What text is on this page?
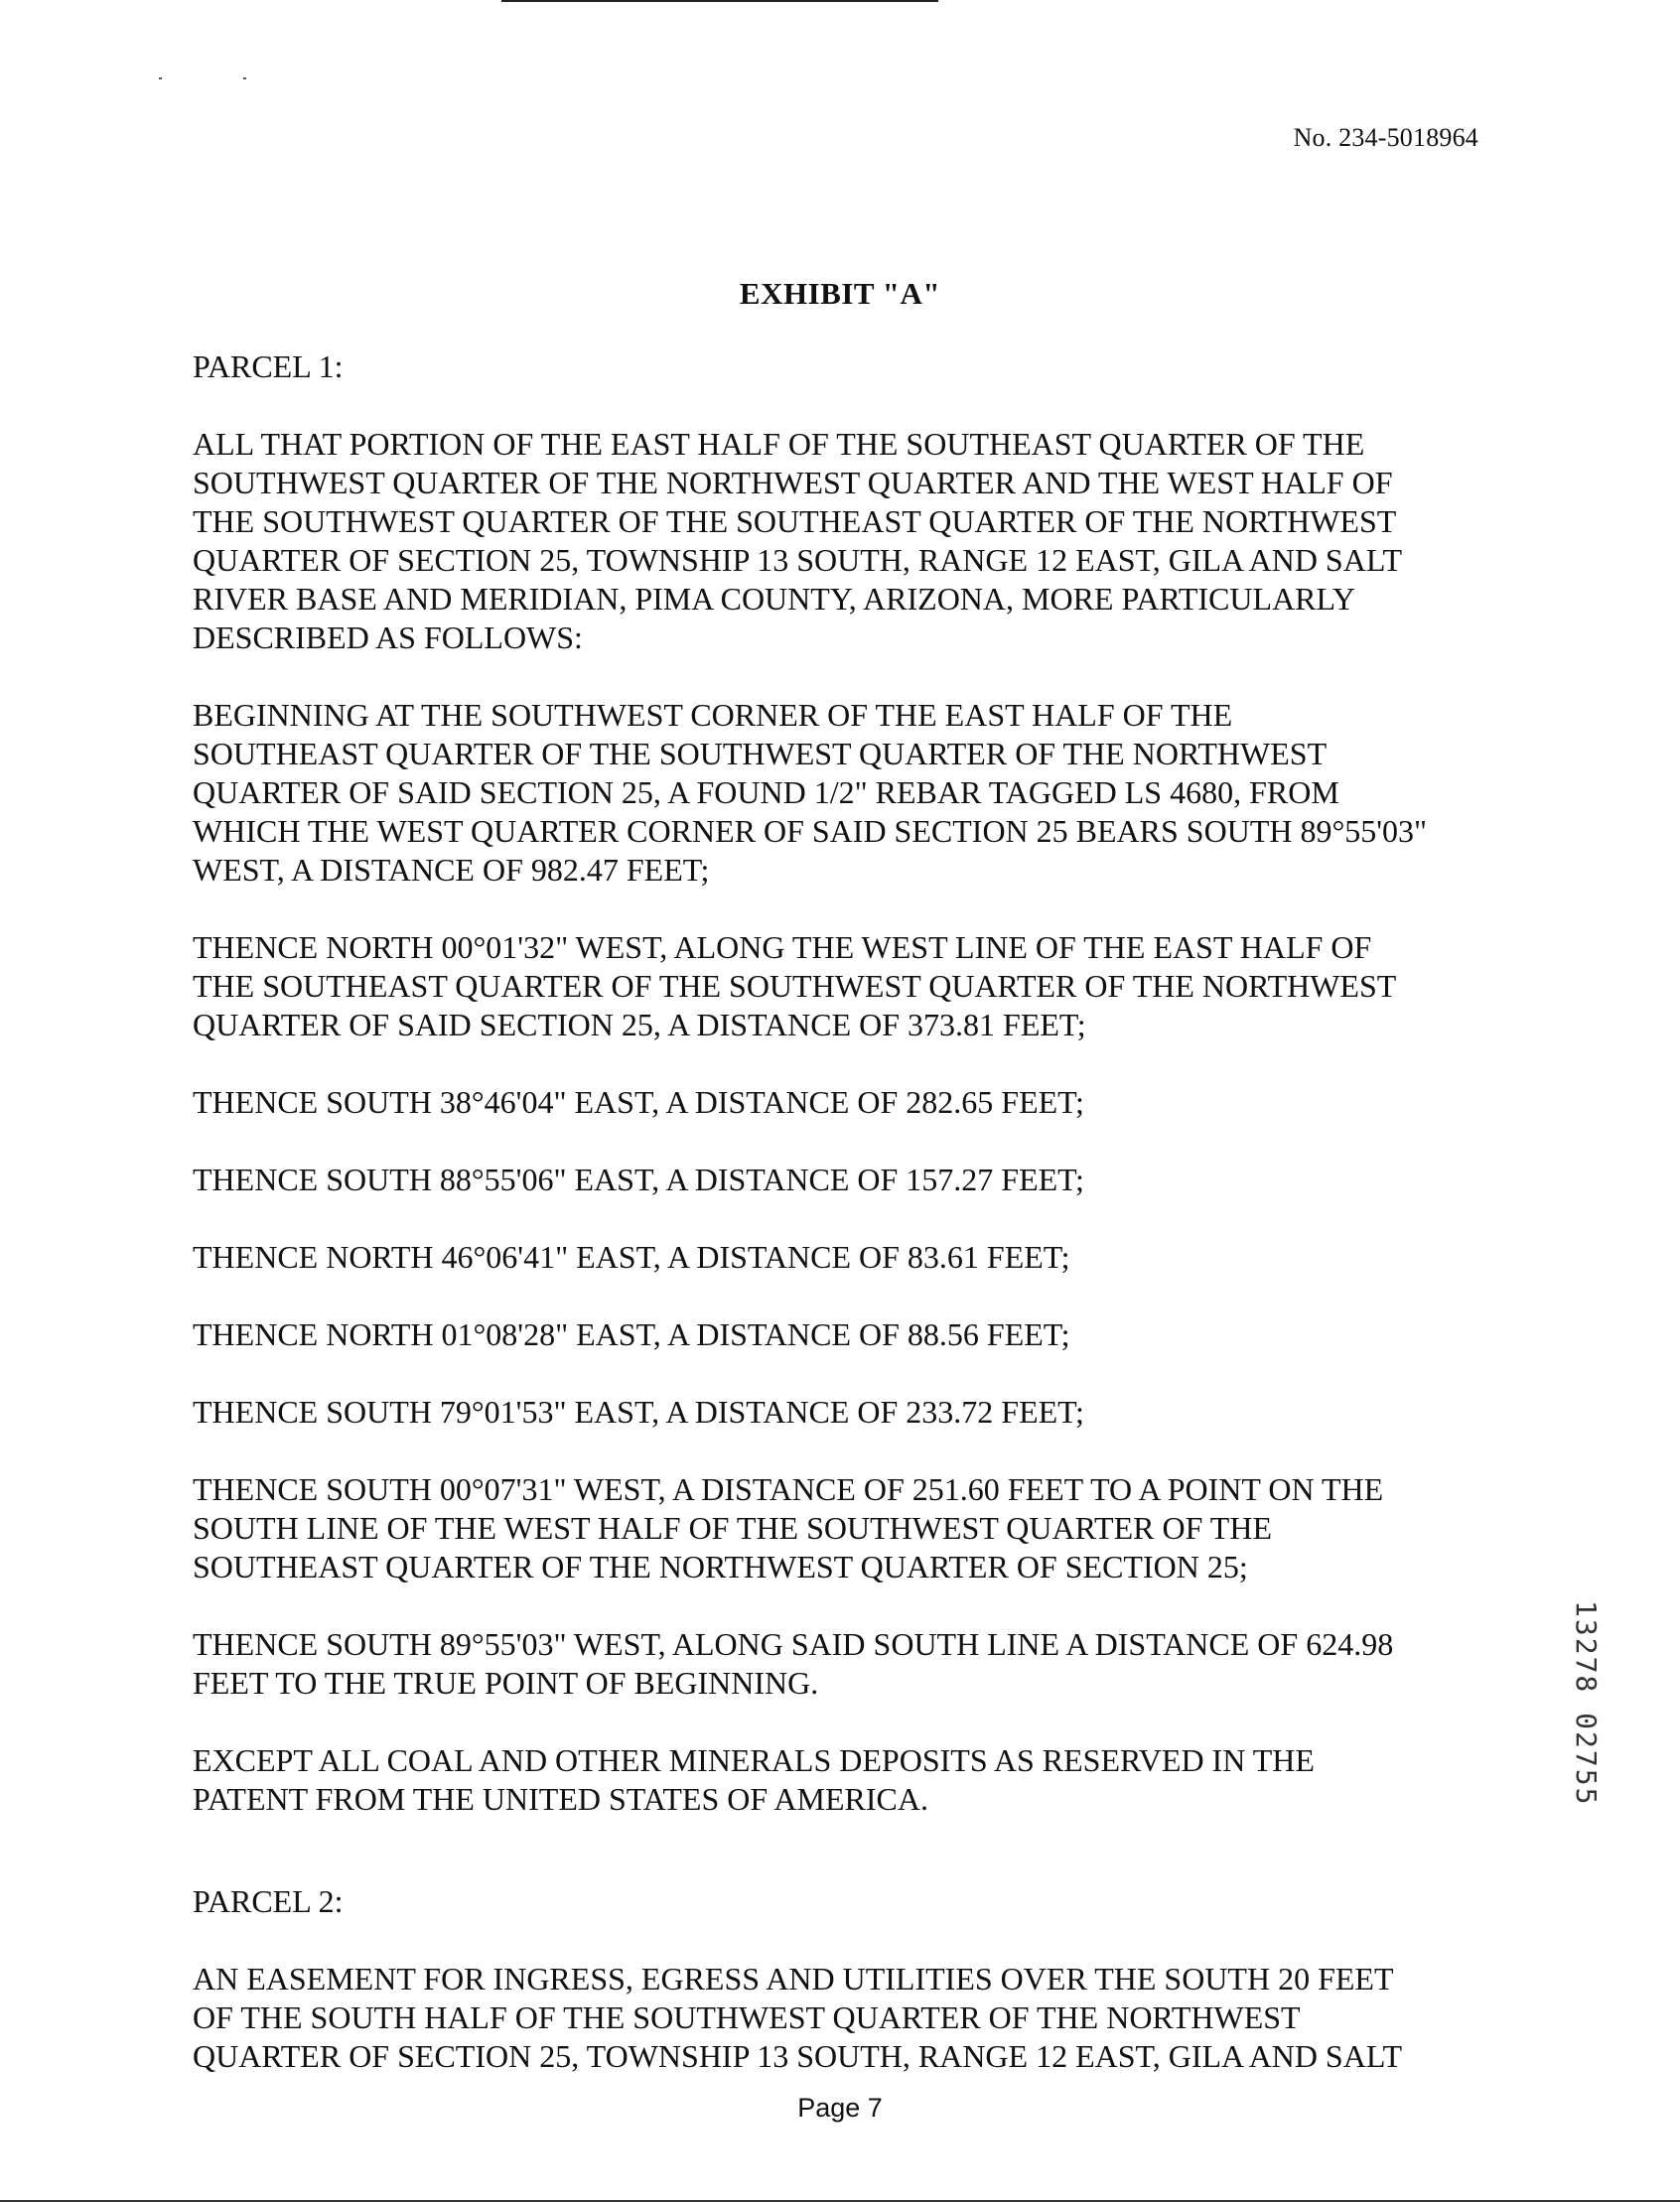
No. 234-5018964
EXHIBIT "A"

PARCEL 1:

ALL THAT PORTION OF THE EAST HALF OF THE SOUTHEAST QUARTER OF THE
SOUTHWEST QUARTER OF THE NORTHWEST QUARTER AND THE WEST HALF OF
THE SOUTHWEST QUARTER OF THE SOUTHEAST QUARTER OF THE NORTHWEST
QUARTER OF SECTION 25, TOWNSHIP 13 SOUTH, RANGE 12 EAST, GILA AND SALT
RIVER BASE AND MERIDIAN, PIMA COUNTY, ARIZONA, MORE PARTICULARLY
DESCRIBED AS FOLLOWS:

BEGINNING AT THE SOUTHWEST CORNER OF THE EAST HALF OF THE
SOUTHEAST QUARTER OF THE SOUTHWEST QUARTER OF THE NORTHWEST
QUARTER OF SAID SECTION 25, A FOUND 1/2" REBAR TAGGED LS 4680, FROM
WHICH THE WEST QUARTER CORNER OF SAID SECTION 25 BEARS SOUTH 89°55'03"
WEST, A DISTANCE OF 982.47 FEET;

THENCE NORTH 00°01'32" WEST, ALONG THE WEST LINE OF THE EAST HALF OF
THE SOUTHEAST QUARTER OF THE SOUTHWEST QUARTER OF THE NORTHWEST
QUARTER OF SAID SECTION 25, A DISTANCE OF 373.81 FEET;

THENCE SOUTH 38°46'04" EAST, A DISTANCE OF 282.65 FEET;

THENCE SOUTH 88°55'06" EAST, A DISTANCE OF 157.27 FEET;

THENCE NORTH 46°06'41" EAST, A DISTANCE OF 83.61 FEET;

THENCE NORTH 01°08'28" EAST, A DISTANCE OF 88.56 FEET;

THENCE SOUTH 79°01'53" EAST, A DISTANCE OF 233.72 FEET;

THENCE SOUTH 00°07'31" WEST, A DISTANCE OF 251.60 FEET TO A POINT ON THE
SOUTH LINE OF THE WEST HALF OF THE SOUTHWEST QUARTER OF THE
SOUTHEAST QUARTER OF THE NORTHWEST QUARTER OF SECTION 25;

THENCE SOUTH 89°55'03" WEST, ALONG SAID SOUTH LINE A DISTANCE OF 624.98
FEET TO THE TRUE POINT OF BEGINNING.

EXCEPT ALL COAL AND OTHER MINERALS DEPOSITS AS RESERVED IN THE
PATENT FROM THE UNITED STATES OF AMERICA.

PARCEL 2:

AN EASEMENT FOR INGRESS, EGRESS AND UTILITIES OVER THE SOUTH 20 FEET
OF THE SOUTH HALF OF THE SOUTHWEST QUARTER OF THE NORTHWEST
QUARTER OF SECTION 25, TOWNSHIP 13 SOUTH, RANGE 12 EAST, GILA AND SALT

13278 02755
Page 7
